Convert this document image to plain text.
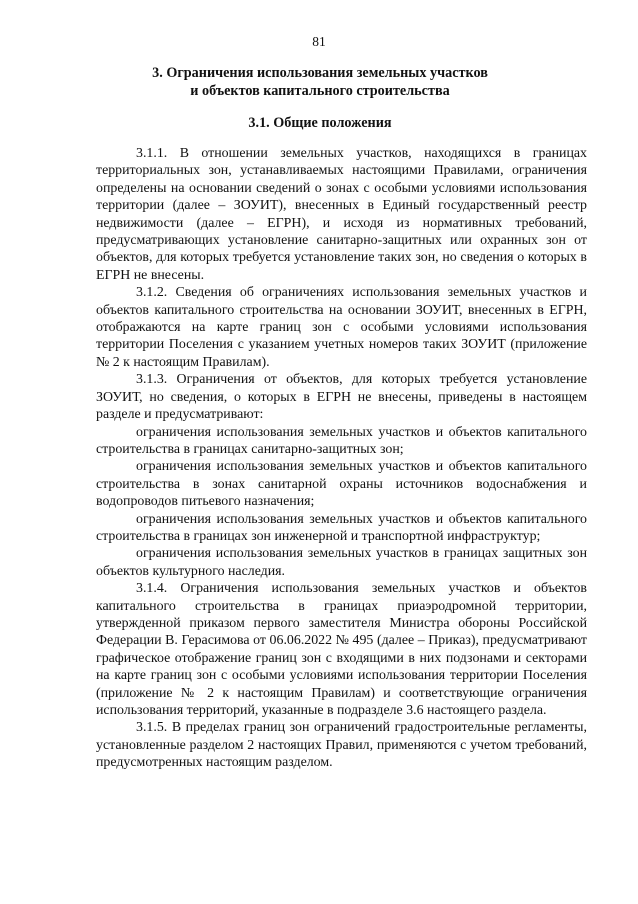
81
3. Ограничения использования земельных участков
и объектов капитального строительства
3.1. Общие положения

3.1.1. В отношении земельных участков, находящихся в границах территориальных зон, устанавливаемых настоящими Правилами, ограничения определены на основании сведений о зонах с особыми условиями использования территории (далее – ЗОУИТ), внесенных в Единый государственный реестр недвижимости (далее – ЕГРН), и исходя из нормативных требований, предусматривающих установление санитарно-защитных или охранных зон от объектов, для которых требуется установление таких зон, но сведения о которых в ЕГРН не внесены.

3.1.2. Сведения об ограничениях использования земельных участков и объектов капитального строительства на основании ЗОУИТ, внесенных в ЕГРН, отображаются на карте границ зон с особыми условиями использования территории Поселения с указанием учетных номеров таких ЗОУИТ (приложение № 2 к настоящим Правилам).

3.1.3. Ограничения от объектов, для которых требуется установление ЗОУИТ, но сведения, о которых в ЕГРН не внесены, приведены в настоящем разделе и предусматривают:

ограничения использования земельных участков и объектов капитального строительства в границах санитарно-защитных зон;

ограничения использования земельных участков и объектов капитального строительства в зонах санитарной охраны источников водоснабжения и водопроводов питьевого назначения;

ограничения использования земельных участков и объектов капитального строительства в границах зон инженерной и транспортной инфраструктур;

ограничения использования земельных участков в границах защитных зон объектов культурного наследия.

3.1.4. Ограничения использования земельных участков и объектов капитального строительства в границах приаэродромной территории, утвержденной приказом первого заместителя Министра обороны Российской Федерации В. Герасимова от 06.06.2022 № 495 (далее – Приказ), предусматривают графическое отображение границ зон с входящими в них подзонами и секторами на карте границ зон с особыми условиями использования территории Поселения (приложение № 2 к настоящим Правилам) и соответствующие ограничения использования территорий, указанные в подразделе 3.6 настоящего раздела.

3.1.5. В пределах границ зон ограничений градостроительные регламенты, установленные разделом 2 настоящих Правил, применяются с учетом требований, предусмотренных настоящим разделом.
